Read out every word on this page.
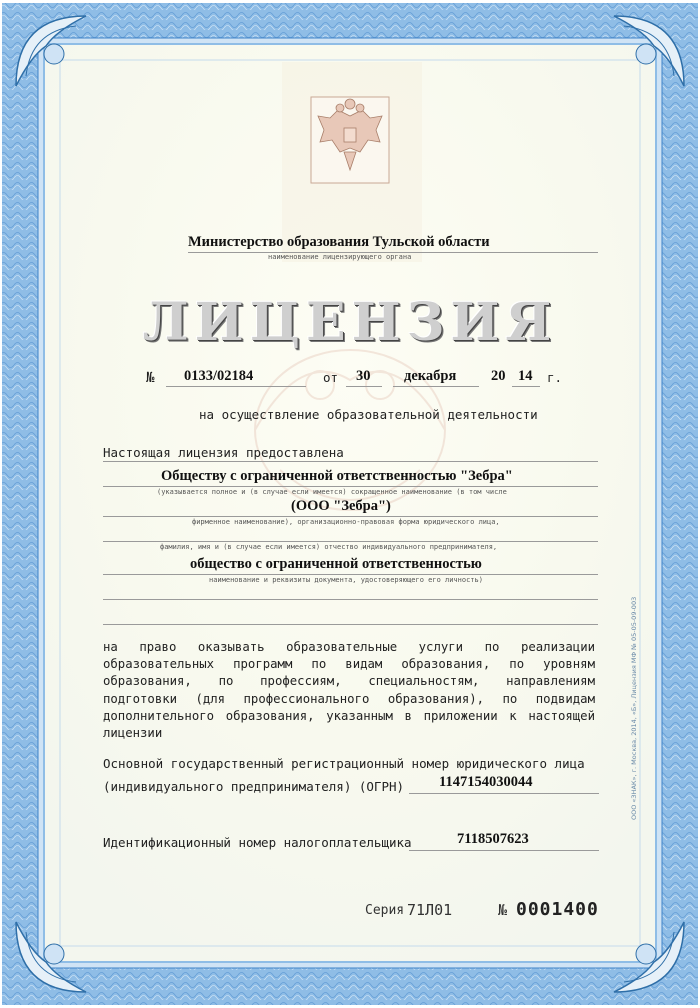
Министерство образования Тульской области
наименование лицензирующего органа
ЛИЦЕНЗИЯ
№ 0133/02184	от 30 декабря 20 14 г.
на осуществление образовательной деятельности
Настоящая лицензия предоставлена
Обществу с ограниченной ответственностью "Зебра"
(указывается полное и (в случае если имеется) сокращенное наименование (в том числе
(ООО "Зебра")
фирменное наименование), организационно-правовая форма юридического лица,
фамилия, имя и (в случае если имеется) отчество индивидуального предпринимателя,
общество с ограниченной ответственностью
наименование и реквизиты документа, удостоверяющего его личность)
на право оказывать образовательные услуги по реализации образовательных программ по видам образования, по уровням образования, по профессиям, специальностям, направлениям подготовки (для профессионального образования), по подвидам дополнительного образования, указанным в приложении к настоящей лицензии
Основной государственный регистрационный номер юридического лица
(индивидуального предпринимателя) (ОГРН) 1147154030044
Идентификационный номер налогоплательщика	7118507623
Серия 71Л01	№ 0001400
ООО «ЗНАК», г. Москва, 2014, «Б», Лицензия МФ № 05-05-09-003
